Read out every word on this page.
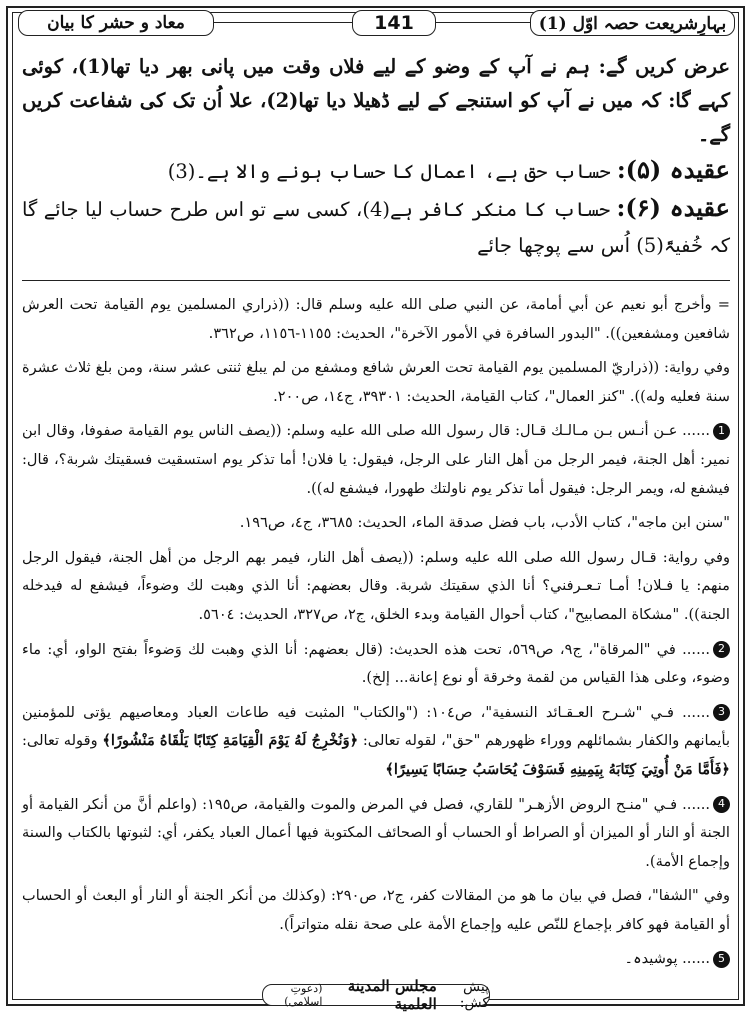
معاد و حشر کا بیان	141	بہارِشریعت حصہ اوّل (1)

عرض کریں گے: ہم نے آپ کے وضو کے لیے فلاں وقت میں پانی بھر دیا تھا(1)، کوئی کہے گا: کہ میں نے آپ کو استنجے کے لیے ڈھیلا دیا تھا(2)، علا اُن تک کی شفاعت کریں گے۔

عقیدہ (۵): حساب حق ہے، اعمال کا حساب ہونے والا ہے۔(3)

عقیدہ (۶): حساب کا منکر کافر ہے(4)، کسی سے تو اس طرح حساب لیا جائے گا کہ خُفیۃً(5) اُس سے پوچھا جائے

= وأخرج أبو نعيم عن أبي أمامة، عن النبي صلى الله عليه وسلم قال: ((ذراري المسلمين يوم القيامة تحت العرش شافعين ومشفعين)). "البدور السافرة في الأمور الآخرة"، الحديث: ١١٥٥-١١٥٦، ص٣٦٢.

وفي رواية: ((ذراريّ المسلمين يوم القيامة تحت العرش شافع ومشفع من لم يبلغ ثنتى عشر سنة، ومن بلغ ثلاث عشرة سنة فعليه وله)). "كنز العمال"، كتاب القيامة، الحديث: ٣٩٣٠١، ج١٤، ص٢٠٠.

1...... عـن أنـس بـن مـالـك قـال: قال رسول الله صلى الله عليه وسلم: ((يصف الناس يوم القيامة صفوفا، وقال ابن نمير: أهل الجنة، فيمر الرجل من أهل النار على الرجل، فيقول: يا فلان! أما تذكر يوم استسقيت فسقيتك شربة؟، قال: فيشفع له، ويمر الرجل: فيقول أما تذكر يوم ناولتك طهورا، فيشفع له)).

"سنن ابن ماجه"، كتاب الأدب، باب فضل صدقة الماء، الحديث: ٣٦٨٥، ج٤، ص١٩٦.

وفي رواية: قـال رسول الله صلى الله عليه وسلم: ((يصف أهل النار، فيمر بهم الرجل من أهل الجنة، فيقول الرجل منهم: يا فـلان! أمـا تـعـرفني؟ أنا الذي سقيتك شربة. وقال بعضهم: أنا الذي وهبت لك وضوءاً، فيشفع له فيدخله الجنة)). "مشكاة المصابيح"، كتاب أحوال القيامة وبدء الخلق، ج٢، ص٣٢٧، الحديث: ٥٦٠٤.

2...... في "المرقاة"، ج٩، ص٥٦٩، تحت هذه الحديث: (قال بعضهم: أنا الذي وهبت لك وَضوءاً بفتح الواو، أي: ماء وضوء، وعلى هذا القياس من لقمة وخرقة أو نوع إعانة... إلخ).

3...... فـي "شـرح العـقـائد النسفية"، ص١٠٤: ("والكتاب" المثبت فيه طاعات العباد ومعاصيهم يؤتى للمؤمنين بأيمانهم والكفار بشمائلهم ووراء ظهورهم "حق"، لقوله تعالى: ﴿وَنُخْرِجُ لَهُ يَوْمَ الْقِيَامَةِ كِتَابًا يَلْقَاهُ مَنْشُورًا﴾ وقوله تعالى: ﴿فَأَمَّا مَنْ أُوتِيَ كِتَابَهُ بِيَمِينِهِ فَسَوْفَ يُحَاسَبُ حِسَابًا يَسِيرًا﴾

4...... فـي "منـح الروض الأزهـر" للقاري، فصل في المرض والموت والقيامة، ص١٩٥: (واعلم أنَّ من أنكر القيامة أو الجنة أو النار أو الميزان أو الصراط أو الحساب أو الصحائف المكتوبة فيها أعمال العباد يكفر، أي: لثبوتها بالكتاب والسنة وإجماع الأمة).

وفي "الشفا"، فصل في بيان ما هو من المقالات كفر، ج٢، ص٢٩٠: (وكذلك من أنكر الجنة أو النار أو البعث أو الحساب أو القيامة فهو كافر بإجماع للنّص عليه وإجماع الأمة على صحة نقله متواتراً).

5...... پوشیدہ۔

پیش کش:
مجلس المدينة العلمية
(دعوتِ اسلامی)
